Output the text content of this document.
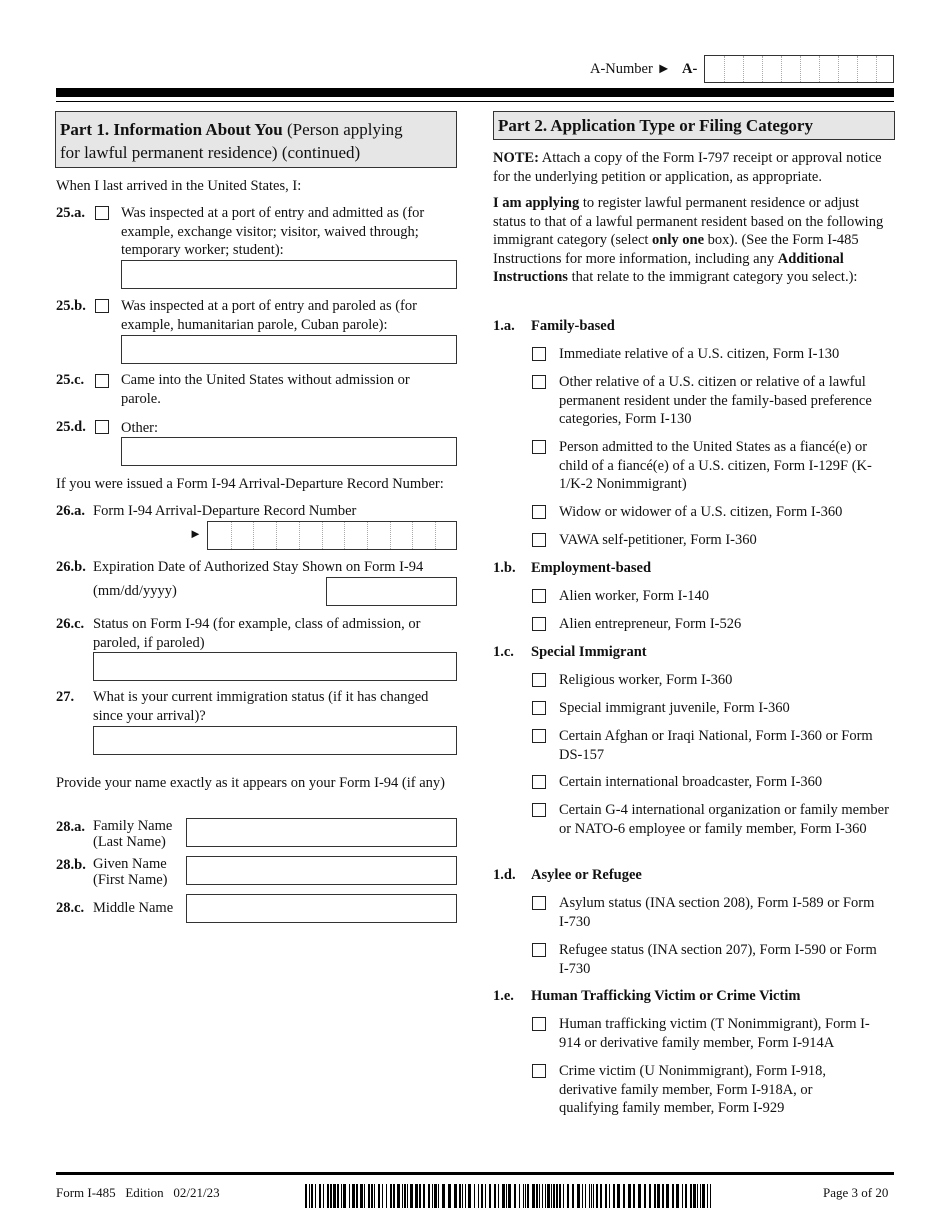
A-Number ► A-
Part 1. Information About You (Person applying
for lawful permanent residence) (continued)
When I last arrived in the United States, I:
25.a. Was inspected at a port of entry and admitted as (for example, exchange visitor; visitor, waived through; temporary worker; student):
25.b. Was inspected at a port of entry and paroled as (for example, humanitarian parole, Cuban parole):
25.c.	Came into the United States without admission or parole.
25.d. Other:
If you were issued a Form I-94 Arrival-Departure Record Number:
26.a. Form I-94 Arrival-Departure Record Number
►
26.b. Expiration Date of Authorized Stay Shown on Form I-94
(mm/dd/yyyy)
26.c. Status on Form I-94 (for example, class of admission, or paroled, if paroled)
27. What is your current immigration status (if it has changed since your arrival)?
Provide your name exactly as it appears on your Form I-94 (if any)
28.a. Family Name
(Last Name)
28.b. Given Name
(First Name)
28.c. Middle Name
Part 2. Application Type or Filing Category
NOTE: Attach a copy of the Form I-797 receipt or approval notice for the underlying petition or application, as appropriate.
I am applying to register lawful permanent residence or adjust status to that of a lawful permanent resident based on the following immigrant category (select only one box). (See the Form I-485 Instructions for more information, including any Additional Instructions that relate to the immigrant category you select.):
1.a. Family-based
Immediate relative of a U.S. citizen, Form I-130
Other relative of a U.S. citizen or relative of a lawful permanent resident under the family-based preference categories, Form I-130
Person admitted to the United States as a fiancé(e) or child of a fiancé(e) of a U.S. citizen, Form I-129F (K-1/K-2 Nonimmigrant)
Widow or widower of a U.S. citizen, Form I-360
VAWA self-petitioner, Form I-360
1.b. Employment-based
Alien worker, Form I-140
Alien entrepreneur, Form I-526
1.c. Special Immigrant
Religious worker, Form I-360
Special immigrant juvenile, Form I-360
Certain Afghan or Iraqi National, Form I-360 or Form DS-157
Certain international broadcaster, Form I-360
Certain G-4 international organization or family member or NATO-6 employee or family member, Form I-360
1.d. Asylee or Refugee
Asylum status (INA section 208), Form I-589 or Form I-730
Refugee status (INA section 207), Form I-590 or Form I-730
1.e. Human Trafficking Victim or Crime Victim
Human trafficking victim (T Nonimmigrant), Form I-914 or derivative family member, Form I-914A
Crime victim (U Nonimmigrant), Form I-918, derivative family member, Form I-918A, or qualifying family member, Form I-929
Form I-485   Edition   02/21/23	Page 3 of 20
